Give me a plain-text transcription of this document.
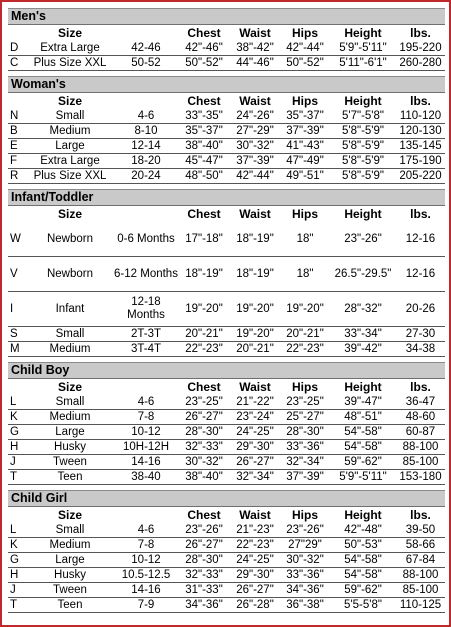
Men's
	Size		Chest	Waist	Hips	Height	lbs.
D	Extra Large	42-46	42"-46"	38"-42"	42"-44"	5'9"-5'11"	195-220
C	Plus Size XXL	50-52	50"-52"	44"-46"	50"-52"	5'11"-6'1"	260-280
Woman's
	Size		Chest	Waist	Hips	Height	lbs.
N	Small	4-6	33"-35"	24"-26"	35"-37"	5'7"-5'8"	110-120
B	Medium	8-10	35"-37"	27"-29"	37"-39"	5'8"-5'9"	120-130
E	Large	12-14	38"-40"	30"-32"	41"-43"	5'8"-5'9"	135-145
F	Extra Large	18-20	45"-47"	37"-39"	47"-49"	5'8"-5'9"	175-190
R	Plus Size XXL	20-24	48"-50"	42"-44"	49"-51"	5'8"-5'9"	205-220
Infant/Toddler
	Size		Chest	Waist	Hips	Height	lbs.
W	Newborn	0-6 Months	17"-18"	18"-19"	18"	23"-26"	12-16
V	Newborn	6-12 Months	18"-19"	18"-19"	18"	26.5"-29.5"	12-16
I	Infant	12-18 Months	19"-20"	19"-20"	19"-20"	28"-32"	20-26
S	Small	2T-3T	20"-21"	19"-20"	20"-21"	33"-34"	27-30
M	Medium	3T-4T	22"-23"	20"-21"	22"-23"	39"-42"	34-38
Child Boy
	Size		Chest	Waist	Hips	Height	lbs.
L	Small	4-6	23"-25"	21"-22"	23"-25"	39"-47"	36-47
K	Medium	7-8	26"-27"	23"-24"	25"-27"	48"-51"	48-60
G	Large	10-12	28"-30"	24"-25"	28"-30"	54"-58"	60-87
H	Husky	10H-12H	32"-33"	29"-30"	33"-36"	54"-58"	88-100
J	Tween	14-16	30"-32"	26"-27"	32"-34"	59"-62"	85-100
T	Teen	38-40	38"-40"	32"-34"	37"-39"	5'9"-5'11"	153-180
Child Girl
	Size		Chest	Waist	Hips	Height	lbs.
L	Small	4-6	23"-26"	21"-23"	23"-26"	42"-48"	39-50
K	Medium	7-8	26"-27"	22"-23"	27"29"	50"-53"	58-66
G	Large	10-12	28"-30"	24"-25"	30"-32"	54"-58"	67-84
H	Husky	10.5-12.5	32"-33"	29"-30"	33"-36"	54"-58"	88-100
J	Tween	14-16	31"-33"	26"-27"	34"-36"	59"-62"	85-100
T	Teen	7-9	34"-36"	26"-28"	36"-38"	5'5-5'8"	110-125
